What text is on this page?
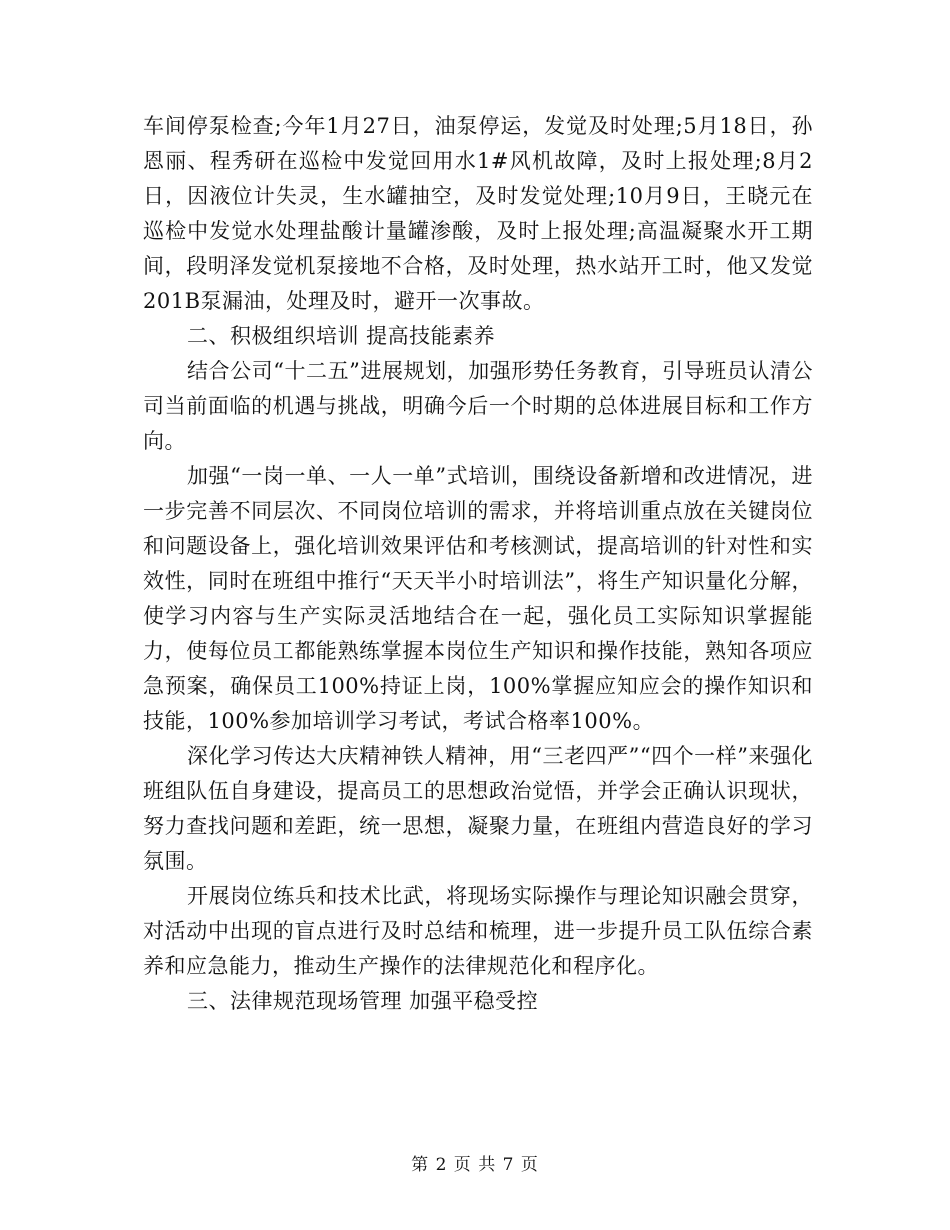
车间停泵检查;今年1月27日，油泵停运，发觉及时处理;5月18日，孙恩丽、程秀研在巡检中发觉回用水1#风机故障，及时上报处理;8月2日，因液位计失灵，生水罐抽空，及时发觉处理;10月9日，王晓元在巡检中发觉水处理盐酸计量罐渗酸，及时上报处理;高温凝聚水开工期间，段明泽发觉机泵接地不合格，及时处理，热水站开工时，他又发觉201B泵漏油，处理及时，避开一次事故。

二、积极组织培训 提高技能素养

结合公司“十二五”进展规划，加强形势任务教育，引导班员认清公司当前面临的机遇与挑战，明确今后一个时期的总体进展目标和工作方向。

加强“一岗一单、一人一单”式培训，围绕设备新增和改进情况，进一步完善不同层次、不同岗位培训的需求，并将培训重点放在关键岗位和问题设备上，强化培训效果评估和考核测试，提高培训的针对性和实效性，同时在班组中推行“天天半小时培训法”，将生产知识量化分解，使学习内容与生产实际灵活地结合在一起，强化员工实际知识掌握能力，使每位员工都能熟练掌握本岗位生产知识和操作技能，熟知各项应急预案，确保员工100%持证上岗，100%掌握应知应会的操作知识和技能，100%参加培训学习考试，考试合格率100%。

深化学习传达大庆精神铁人精神，用“三老四严”“四个一样”来强化班组队伍自身建设，提高员工的思想政治觉悟，并学会正确认识现状，努力查找问题和差距，统一思想，凝聚力量，在班组内营造良好的学习氛围。

开展岗位练兵和技术比武，将现场实际操作与理论知识融会贯穿，对活动中出现的盲点进行及时总结和梳理，进一步提升员工队伍综合素养和应急能力，推动生产操作的法律规范化和程序化。

三、法律规范现场管理 加强平稳受控

第 2 页 共 7 页
